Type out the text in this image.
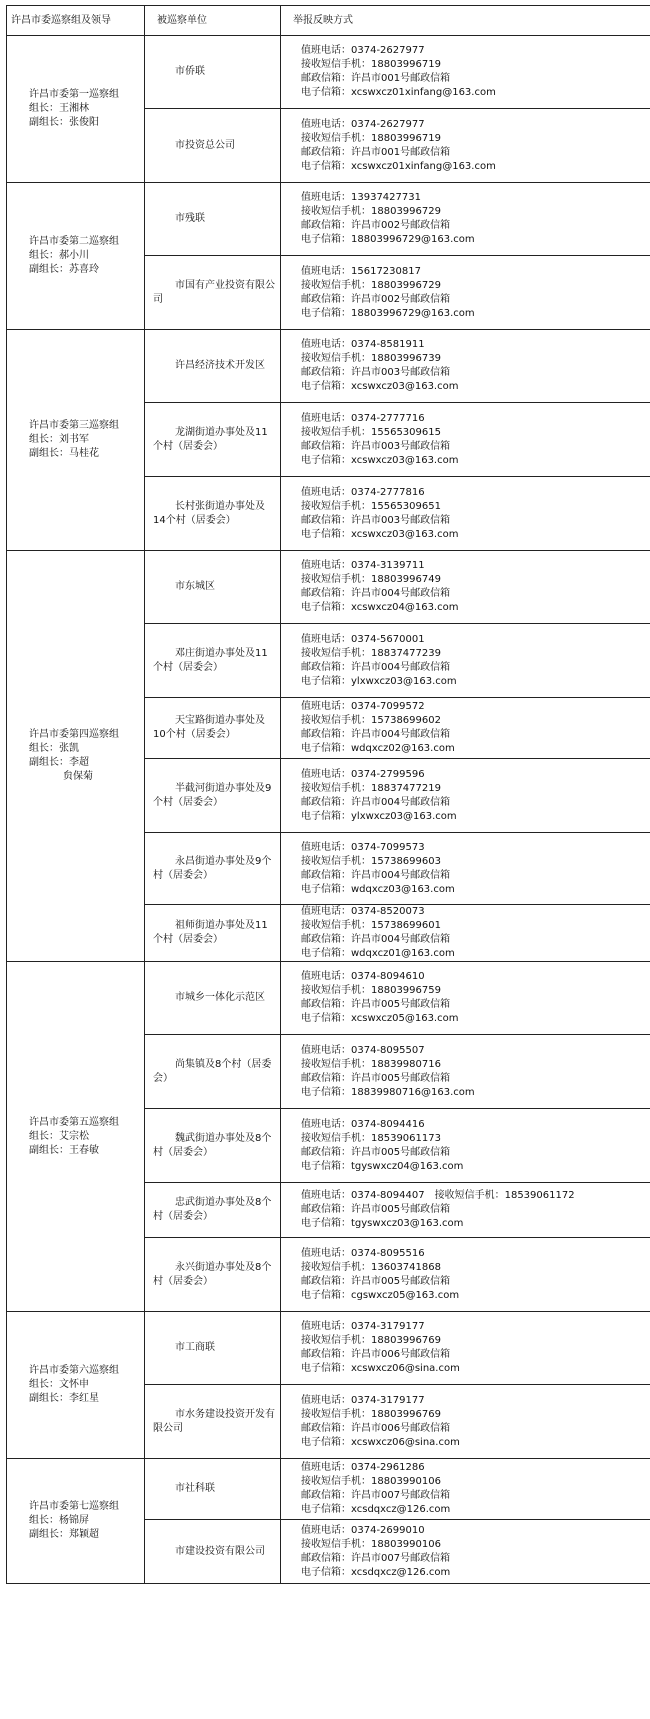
许昌市委巡察组及领导	被巡察单位	举报反映方式

许昌市委第一巡察组
组长：王湘林
副组长：张俊阳	市侨联	值班电话：0374-2627977
接收短信手机：18803996719
邮政信箱：许昌市001号邮政信箱
电子信箱：xcswxcz01xinfang@163.com

	市投资总公司	值班电话：0374-2627977
接收短信手机：18803996719
邮政信箱：许昌市001号邮政信箱
电子信箱：xcswxcz01xinfang@163.com

许昌市委第二巡察组
组长：郝小川
副组长：苏喜玲	市残联	值班电话：13937427731
接收短信手机：18803996729
邮政信箱：许昌市002号邮政信箱
电子信箱：18803996729@163.com

	市国有产业投资有限公司	值班电话：15617230817
接收短信手机：18803996729
邮政信箱：许昌市002号邮政信箱
电子信箱：18803996729@163.com

许昌市委第三巡察组
组长：刘书军
副组长：马桂花	许昌经济技术开发区	值班电话：0374-8581911
接收短信手机：18803996739
邮政信箱：许昌市003号邮政信箱
电子信箱：xcswxcz03@163.com

	龙湖街道办事处及11个村（居委会）	值班电话：0374-2777716
接收短信手机：15565309615
邮政信箱：许昌市003号邮政信箱
电子信箱：xcswxcz03@163.com

	长村张街道办事处及14个村（居委会）	值班电话：0374-2777816
接收短信手机：15565309651
邮政信箱：许昌市003号邮政信箱
电子信箱：xcswxcz03@163.com

许昌市委第四巡察组
组长：张凯
副组长：李超
贠保菊	市东城区	值班电话：0374-3139711
接收短信手机：18803996749
邮政信箱：许昌市004号邮政信箱
电子信箱：xcswxcz04@163.com

	邓庄街道办事处及11个村（居委会）	值班电话：0374-5670001
接收短信手机：18837477239
邮政信箱：许昌市004号邮政信箱
电子信箱：ylxwxcz03@163.com

	天宝路街道办事处及10个村（居委会）	值班电话：0374-7099572
接收短信手机：15738699602
邮政信箱：许昌市004号邮政信箱
电子信箱：wdqxcz02@163.com

	半截河街道办事处及9个村（居委会）	值班电话：0374-2799596
接收短信手机：18837477219
邮政信箱：许昌市004号邮政信箱
电子信箱：ylxwxcz03@163.com

	永昌街道办事处及9个村（居委会）	值班电话：0374-7099573
接收短信手机：15738699603
邮政信箱：许昌市004号邮政信箱
电子信箱：wdqxcz03@163.com

	祖师街道办事处及11个村（居委会）	值班电话：0374-8520073
接收短信手机：15738699601
邮政信箱：许昌市004号邮政信箱
电子信箱：wdqxcz01@163.com

许昌市委第五巡察组
组长：艾宗松
副组长：王春敏	市城乡一体化示范区	值班电话：0374-8094610
接收短信手机：18803996759
邮政信箱：许昌市005号邮政信箱
电子信箱：xcswxcz05@163.com

	尚集镇及8个村（居委会）	值班电话：0374-8095507
接收短信手机：18839980716
邮政信箱：许昌市005号邮政信箱
电子信箱：18839980716@163.com

	魏武街道办事处及8个村（居委会）	值班电话：0374-8094416
接收短信手机：18539061173
邮政信箱：许昌市005号邮政信箱
电子信箱：tgyswxcz04@163.com

	忠武街道办事处及8个村（居委会）	值班电话：0374-8094407　接收短信手机：18539061172
邮政信箱：许昌市005号邮政信箱
电子信箱：tgyswxcz03@163.com

	永兴街道办事处及8个村（居委会）	值班电话：0374-8095516
接收短信手机：13603741868
邮政信箱：许昌市005号邮政信箱
电子信箱：cgswxcz05@163.com

许昌市委第六巡察组
组长：文怀申
副组长：李红星	市工商联	值班电话：0374-3179177
接收短信手机：18803996769
邮政信箱：许昌市006号邮政信箱
电子信箱：xcswxcz06@sina.com

	市水务建设投资开发有限公司	值班电话：0374-3179177
接收短信手机：18803996769
邮政信箱：许昌市006号邮政信箱
电子信箱：xcswxcz06@sina.com

许昌市委第七巡察组
组长：杨锦屏
副组长：郑颖超	市社科联	值班电话：0374-2961286
接收短信手机：18803990106
邮政信箱：许昌市007号邮政信箱
电子信箱：xcsdqxcz@126.com

	市建设投资有限公司	值班电话：0374-2699010
接收短信手机：18803990106
邮政信箱：许昌市007号邮政信箱
电子信箱：xcsdqxcz@126.com
